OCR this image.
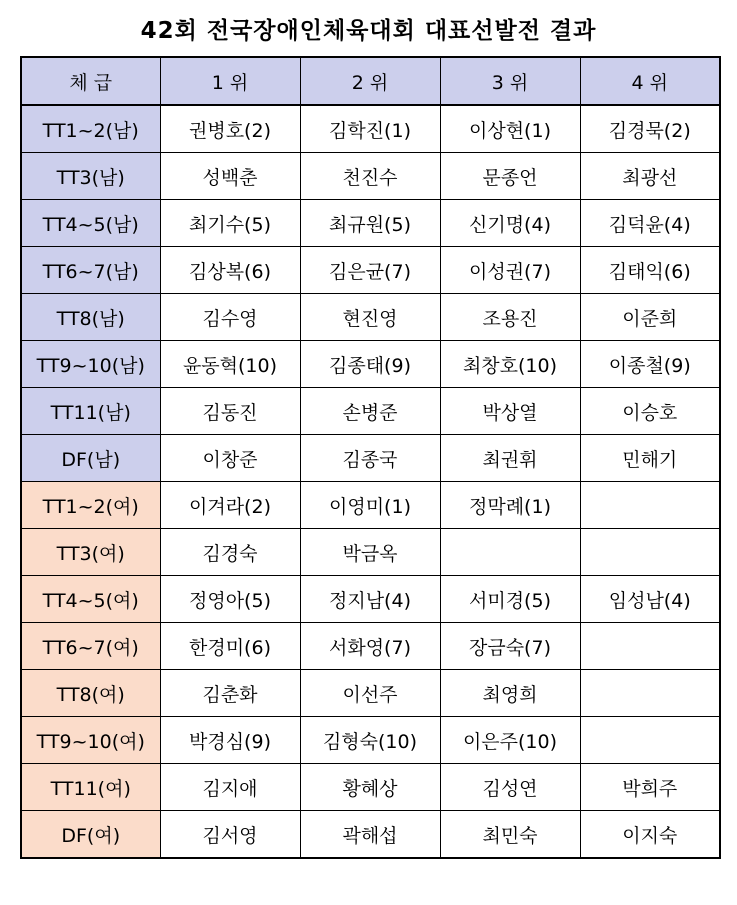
42회 전국장애인체육대회 대표선발전 결과
체 급	1 위	2 위	3 위	4 위
TT1~2(남)	권병호(2)	김학진(1)	이상현(1)	김경묵(2)
TT3(남)	성백춘	천진수	문종언	최광선
TT4~5(남)	최기수(5)	최규원(5)	신기명(4)	김덕윤(4)
TT6~7(남)	김상복(6)	김은균(7)	이성권(7)	김태익(6)
TT8(남)	김수영	현진영	조용진	이준희
TT9~10(남)	윤동혁(10)	김종태(9)	최창호(10)	이종철(9)
TT11(남)	김동진	손병준	박상열	이승호
DF(남)	이창준	김종국	최권휘	민해기
TT1~2(여)	이겨라(2)	이영미(1)	정막례(1)	
TT3(여)	김경숙	박금옥		
TT4~5(여)	정영아(5)	정지남(4)	서미경(5)	임성남(4)
TT6~7(여)	한경미(6)	서화영(7)	장금숙(7)	
TT8(여)	김춘화	이선주	최영희	
TT9~10(여)	박경심(9)	김형숙(10)	이은주(10)	
TT11(여)	김지애	황혜상	김성연	박희주
DF(여)	김서영	곽해섭	최민숙	이지숙
